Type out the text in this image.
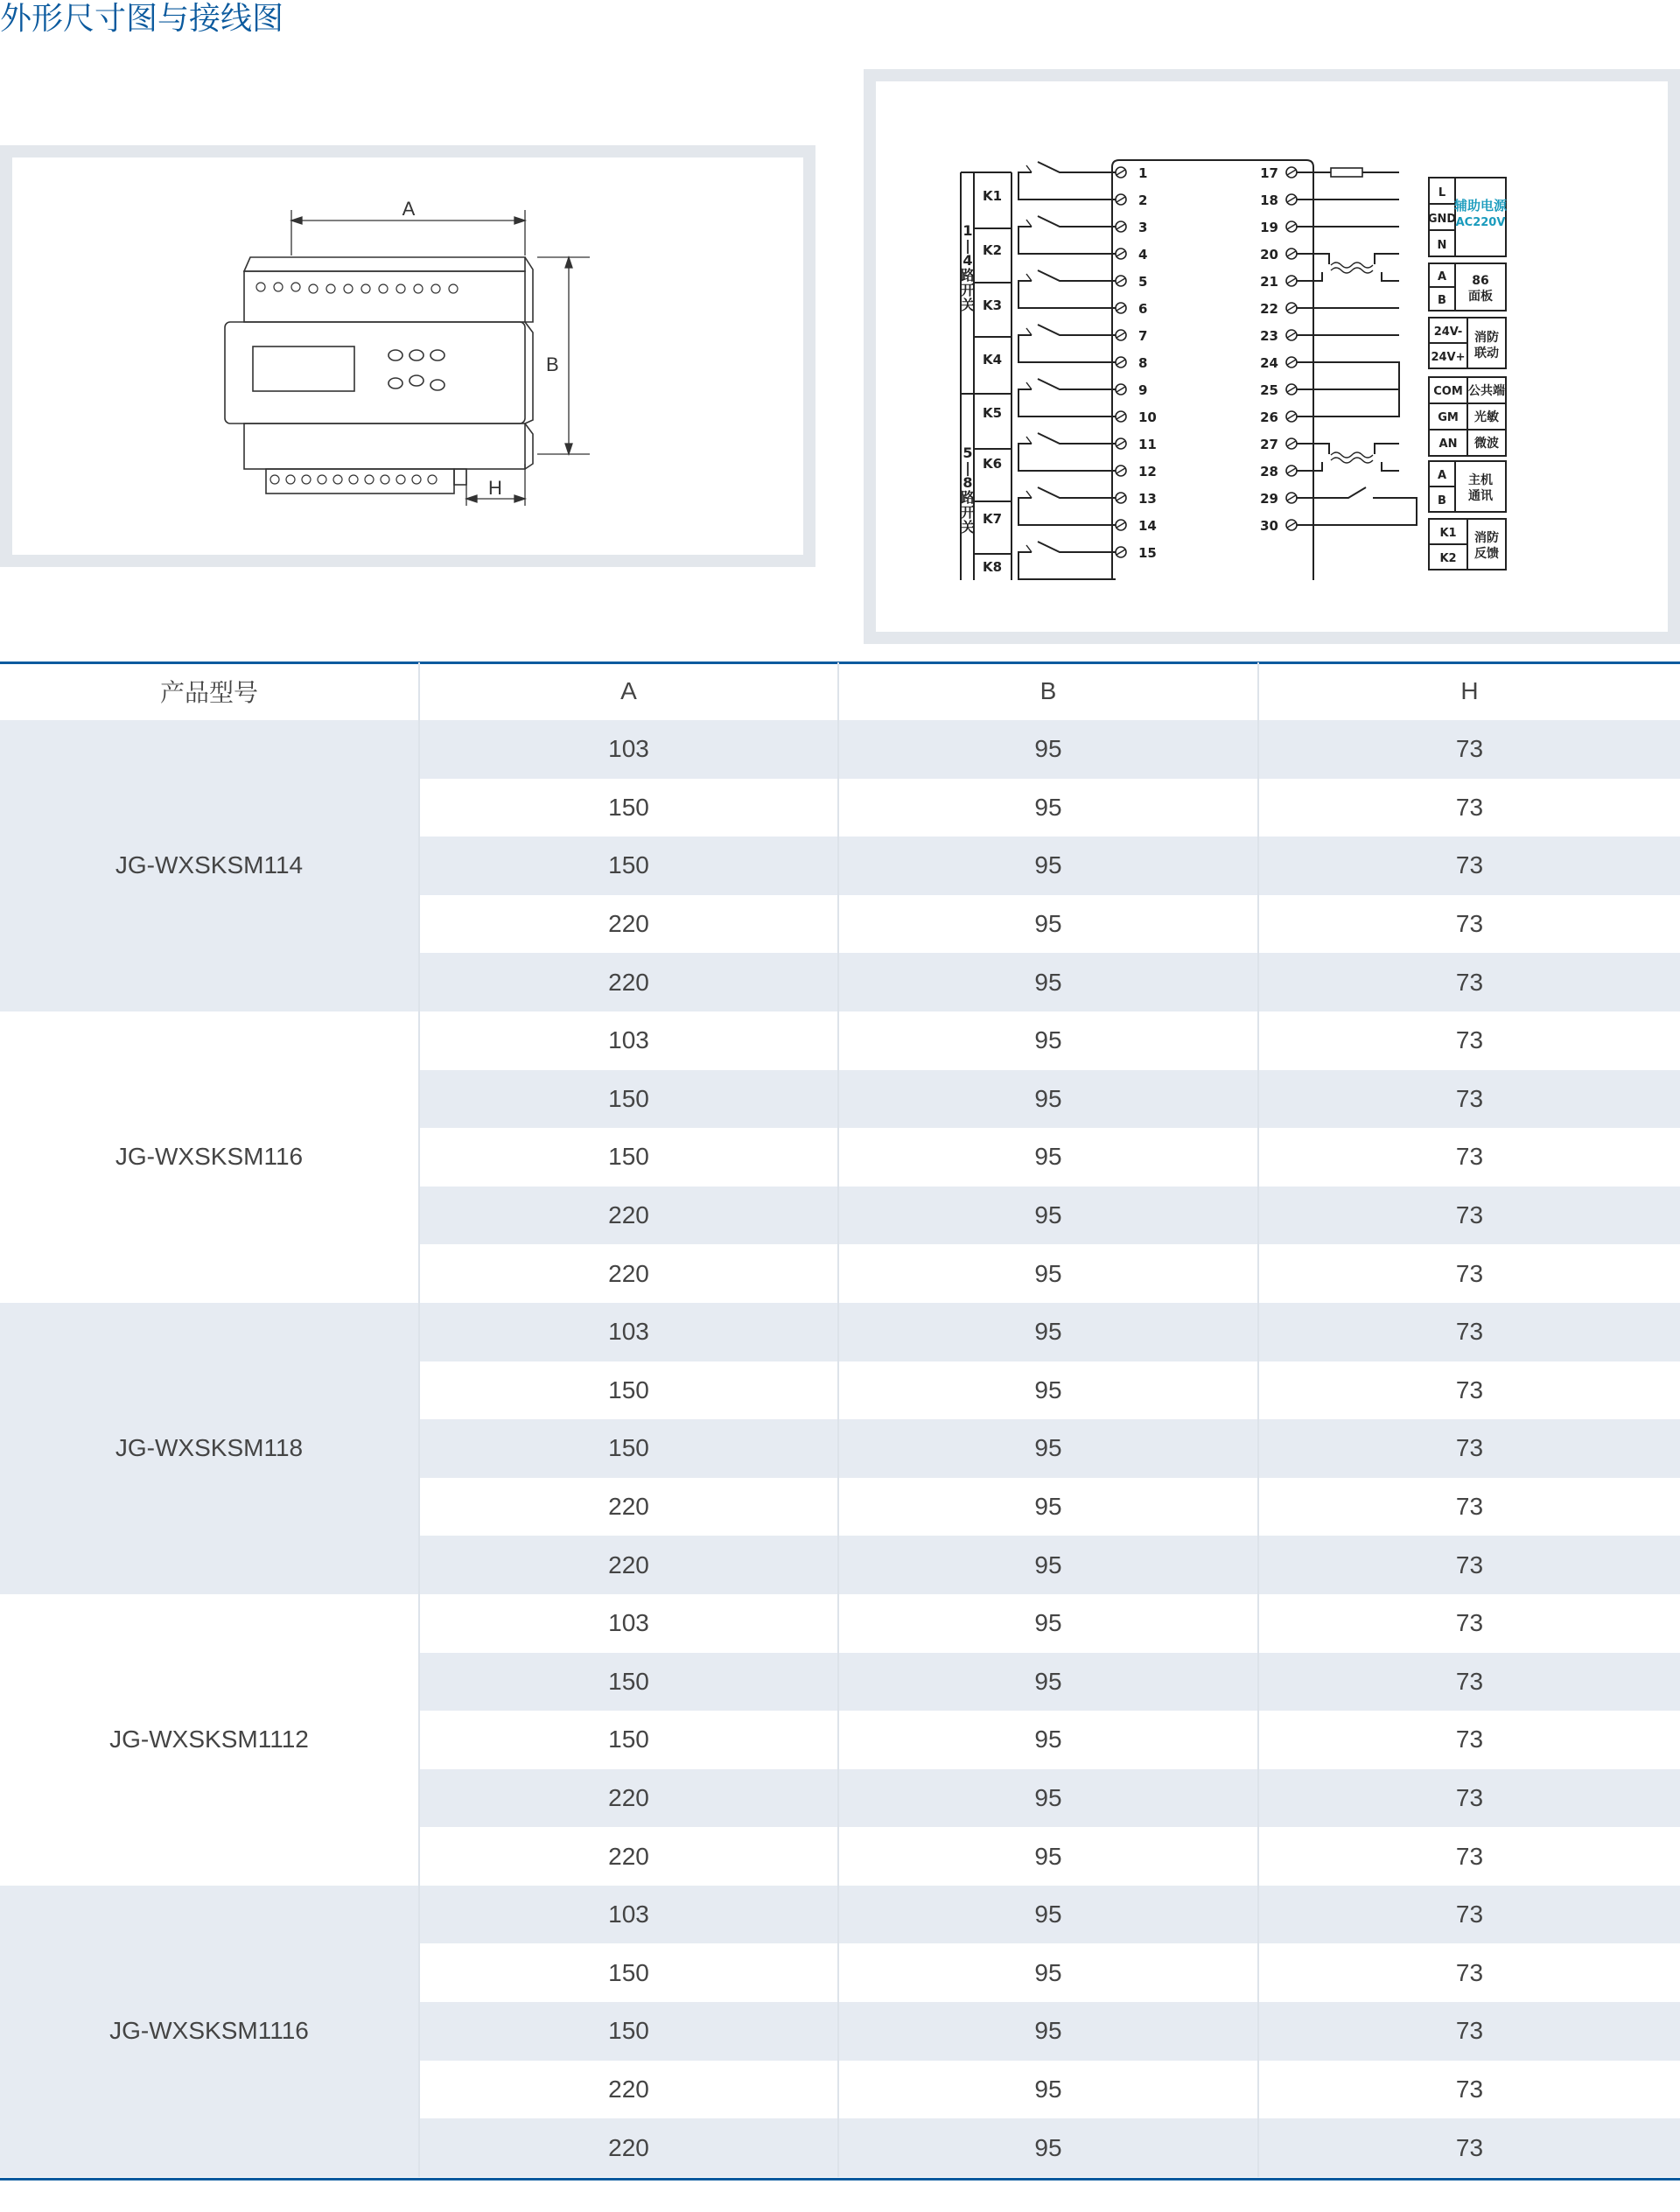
外形尺寸图与接线图
A
B
H
1
|
4
路
开
关
5
|
8
路
开
关
K1
K2
K3
K4
K5
K6
K7
K8
1
2
3
4
5
6
7
8
9
10
11
12
13
14
15
17
18
19
20
21
22
23
24
25
26
27
28
29
30
L
GND
N
辅助电源
AC220V
A
B
86
面板
24V-
24V+
消防
联动
COM 公共端
GM 光敏
AN 微波
A
B
主机
通讯
K1
K2
消防
反馈
产品型号	A	B	H
JG-WXSKSM114	103	95	73
	150	95	73
	150	95	73
	220	95	73
	220	95	73
JG-WXSKSM116	103	95	73
	150	95	73
	150	95	73
	220	95	73
	220	95	73
JG-WXSKSM118	103	95	73
	150	95	73
	150	95	73
	220	95	73
	220	95	73
JG-WXSKSM1112	103	95	73
	150	95	73
	150	95	73
	220	95	73
	220	95	73
JG-WXSKSM1116	103	95	73
	150	95	73
	150	95	73
	220	95	73
	220	95	73
